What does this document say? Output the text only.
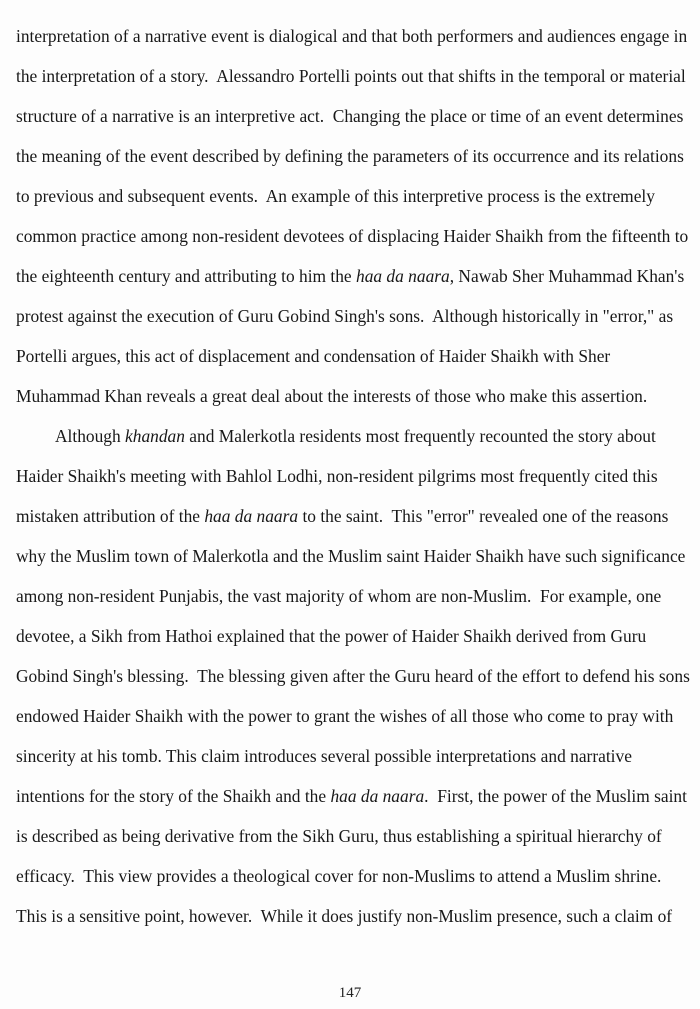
interpretation of a narrative event is dialogical and that both performers and audiences engage in
the interpretation of a story.  Alessandro Portelli points out that shifts in the temporal or material
structure of a narrative is an interpretive act.  Changing the place or time of an event determines
the meaning of the event described by defining the parameters of its occurrence and its relations
to previous and subsequent events.  An example of this interpretive process is the extremely
common practice among non-resident devotees of displacing Haider Shaikh from the fifteenth to
the eighteenth century and attributing to him the haa da naara, Nawab Sher Muhammad Khan's
protest against the execution of Guru Gobind Singh's sons.  Although historically in "error," as
Portelli argues, this act of displacement and condensation of Haider Shaikh with Sher
Muhammad Khan reveals a great deal about the interests of those who make this assertion.
Although khandan and Malerkotla residents most frequently recounted the story about
Haider Shaikh's meeting with Bahlol Lodhi, non-resident pilgrims most frequently cited this
mistaken attribution of the haa da naara to the saint.  This "error" revealed one of the reasons
why the Muslim town of Malerkotla and the Muslim saint Haider Shaikh have such significance
among non-resident Punjabis, the vast majority of whom are non-Muslim.  For example, one
devotee, a Sikh from Hathoi explained that the power of Haider Shaikh derived from Guru
Gobind Singh's blessing.  The blessing given after the Guru heard of the effort to defend his sons
endowed Haider Shaikh with the power to grant the wishes of all those who come to pray with
sincerity at his tomb. This claim introduces several possible interpretations and narrative
intentions for the story of the Shaikh and the haa da naara.  First, the power of the Muslim saint
is described as being derivative from the Sikh Guru, thus establishing a spiritual hierarchy of
efficacy.  This view provides a theological cover for non-Muslims to attend a Muslim shrine.
This is a sensitive point, however.  While it does justify non-Muslim presence, such a claim of
147
